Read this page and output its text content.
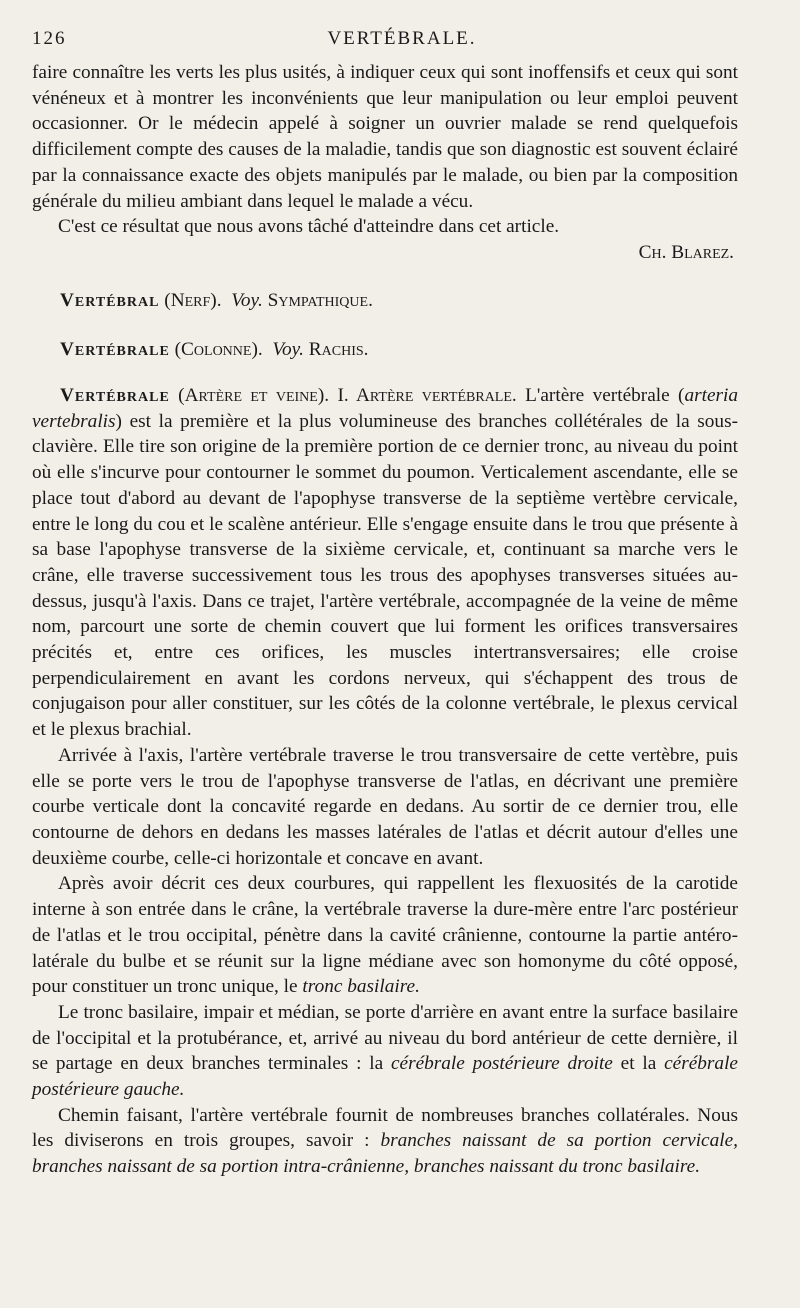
126	VERTÉBRALE.

faire connaître les verts les plus usités, à indiquer ceux qui sont inoffensifs et ceux qui sont vénéneux et à montrer les inconvénients que leur manipulation ou leur emploi peuvent occasionner. Or le médecin appelé à soigner un ouvrier malade se rend quelquefois difficilement compte des causes de la maladie, tandis que son diagnostic est souvent éclairé par la connaissance exacte des objets manipulés par le malade, ou bien par la composition générale du milieu ambiant dans lequel le malade a vécu.

C'est ce résultat que nous avons tâché d'atteindre dans cet article.

Ch. Blarez.

Vertébral (Nerf). Voy. Sympathique.

Vertébrale (Colonne). Voy. Rachis.

Vertébrale (Artère et veine). I. Artère vertébrale. L'artère vertébrale (arteria vertebralis) est la première et la plus volumineuse des branches collétérales de la sous-clavière. Elle tire son origine de la première portion de ce dernier tronc, au niveau du point où elle s'incurve pour contourner le sommet du poumon. Verticalement ascendante, elle se place tout d'abord au devant de l'apophyse transverse de la septième vertèbre cervicale, entre le long du cou et le scalène antérieur. Elle s'engage ensuite dans le trou que présente à sa base l'apophyse transverse de la sixième cervicale, et, continuant sa marche vers le crâne, elle traverse successivement tous les trous des apophyses transverses situées au-dessus, jusqu'à l'axis. Dans ce trajet, l'artère vertébrale, accompagnée de la veine de même nom, parcourt une sorte de chemin couvert que lui forment les orifices transversaires précités et, entre ces orifices, les muscles intertransversaires; elle croise perpendiculairement en avant les cordons nerveux, qui s'échappent des trous de conjugaison pour aller constituer, sur les côtés de la colonne vertébrale, le plexus cervical et le plexus brachial.

Arrivée à l'axis, l'artère vertébrale traverse le trou transversaire de cette vertèbre, puis elle se porte vers le trou de l'apophyse transverse de l'atlas, en décrivant une première courbe verticale dont la concavité regarde en dedans. Au sortir de ce dernier trou, elle contourne de dehors en dedans les masses latérales de l'atlas et décrit autour d'elles une deuxième courbe, celle-ci horizontale et concave en avant.

Après avoir décrit ces deux courbures, qui rappellent les flexuosités de la carotide interne à son entrée dans le crâne, la vertébrale traverse la dure-mère entre l'arc postérieur de l'atlas et le trou occipital, pénètre dans la cavité crânienne, contourne la partie antéro-latérale du bulbe et se réunit sur la ligne médiane avec son homonyme du côté opposé, pour constituer un tronc unique, le tronc basilaire.

Le tronc basilaire, impair et médian, se porte d'arrière en avant entre la surface basilaire de l'occipital et la protubérance, et, arrivé au niveau du bord antérieur de cette dernière, il se partage en deux branches terminales : la cérébrale postérieure droite et la cérébrale postérieure gauche.

Chemin faisant, l'artère vertébrale fournit de nombreuses branches collatérales. Nous les diviserons en trois groupes, savoir : branches naissant de sa portion cervicale, branches naissant de sa portion intra-crânienne, branches naissant du tronc basilaire.
